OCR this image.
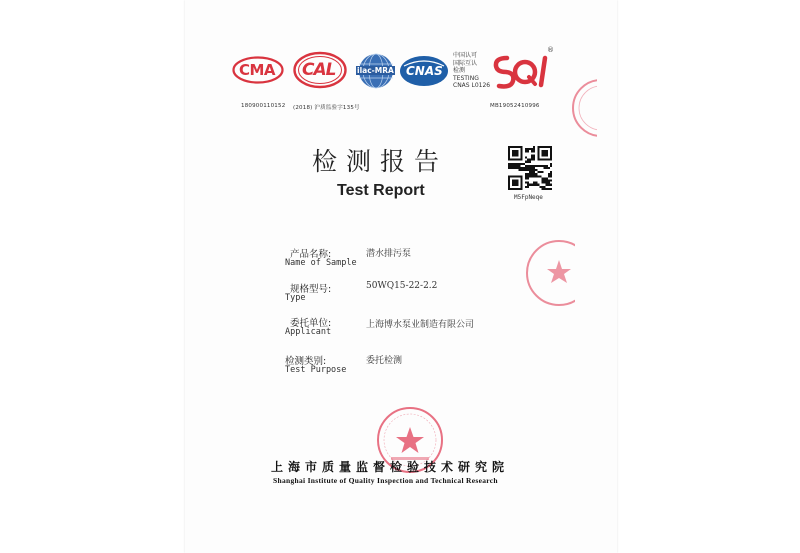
CMA CAL	ilac-MRA CNAS
中国认可
国际互认
检测
TESTING
CNAS L0126
®
180900110152 (2018) 沪质监验字135号	MB19052410996
检测报告
Test Report	M5FpNeqe
产品名称:
Name of Sample
潜水排污泵
规格型号:
Type
50WQ15-22-2.2
委托单位:
Applicant
上海博水泵业制造有限公司
检测类别:
Test Purpose
委托检测
上海市质量监督检验技术研究院
Shanghai Institute of Quality Inspection and Technical Research
